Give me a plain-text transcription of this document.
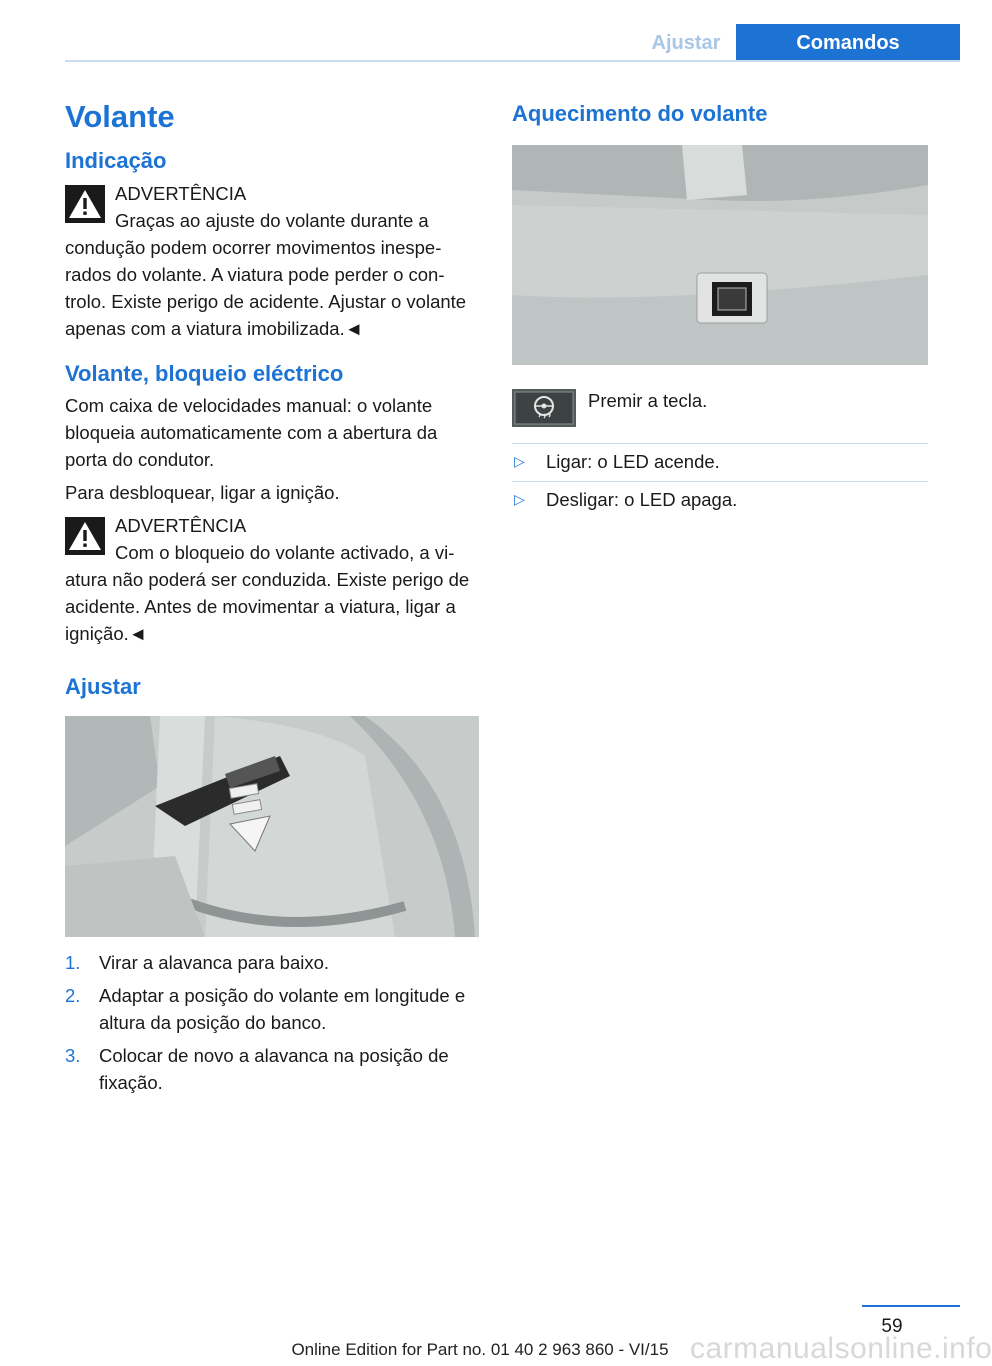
Ajustar	Comandos
Volante
Indicação
ADVERTÊNCIA
Graças ao ajuste do volante durante a condução podem ocorrer movimentos inesperados do volante. A viatura pode perder o controlo. Existe perigo de acidente. Ajustar o volante apenas com a viatura imobilizada.◄
Volante, bloqueio eléctrico

Com caixa de velocidades manual: o volante bloqueia automaticamente com a abertura da porta do condutor.

Para desbloquear, ligar a ignição.

ADVERTÊNCIA
Com o bloqueio do volante activado, a viatura não poderá ser conduzida. Existe perigo de acidente. Antes de movimentar a viatura, ligar a ignição.◄
Ajustar
1. Virar a alavanca para baixo.
2. Adaptar a posição do volante em longitude e altura da posição do banco.
3. Colocar de novo a alavanca na posição de fixação.
Aquecimento do volante
Premir a tecla.
▷ Ligar: o LED acende.
▷ Desligar: o LED apaga.
59
carmanualsonline.info
Online Edition for Part no. 01 40 2 963 860 - VI/15
